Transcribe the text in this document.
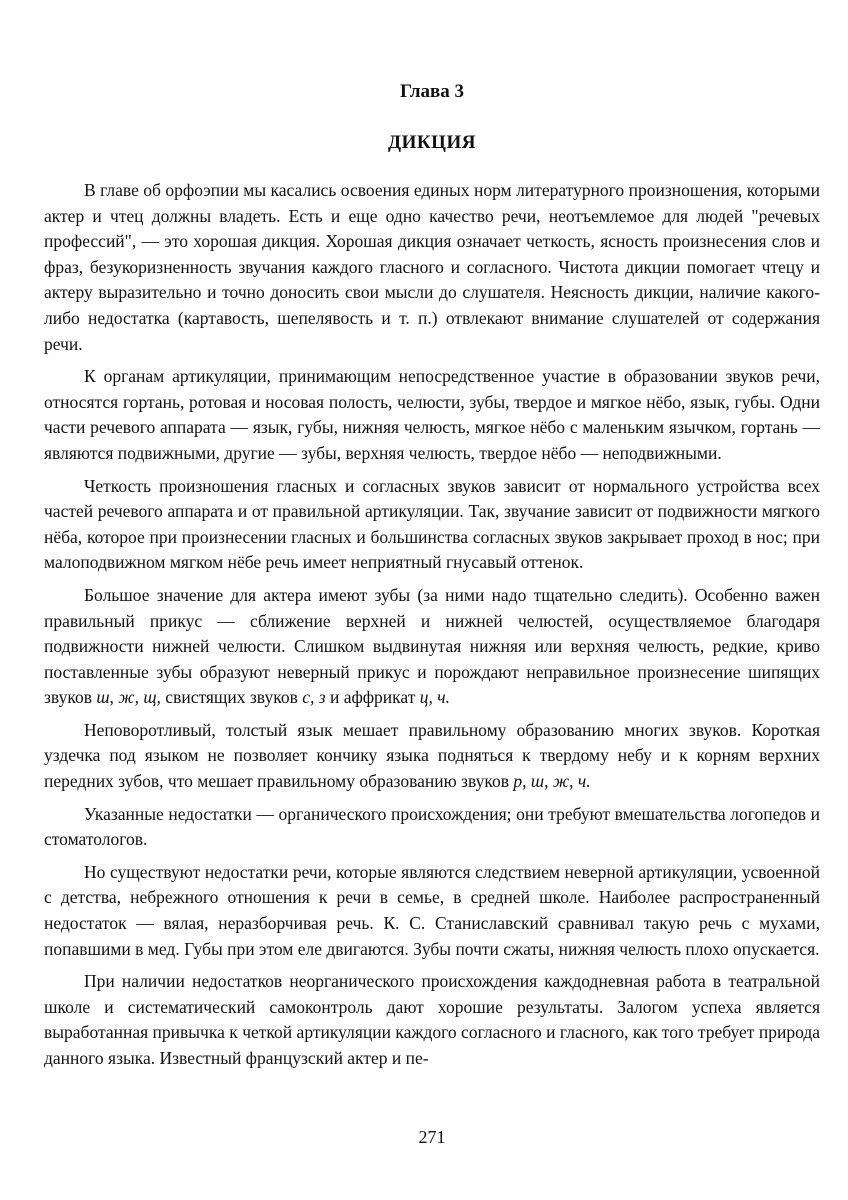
Глава 3
ДИКЦИЯ

В главе об орфоэпии мы касались освоения единых норм литературного произношения, которыми актер и чтец должны владеть. Есть и еще одно качество речи, неотъемлемое для людей "речевых профессий", — это хорошая дикция. Хорошая дикция означает четкость, ясность произнесения слов и фраз, безукоризненность звучания каждого гласного и согласного. Чистота дикции помогает чтецу и актеру выразительно и точно доносить свои мысли до слушателя. Неясность дикции, наличие какого-либо недостатка (картавость, шепелявость и т. п.) отвлекают внимание слушателей от содержания речи.

К органам артикуляции, принимающим непосредственное участие в образовании звуков речи, относятся гортань, ротовая и носовая полость, челюсти, зубы, твердое и мягкое нёбо, язык, губы. Одни части речевого аппарата — язык, губы, нижняя челюсть, мягкое нёбо с маленьким язычком, гортань — являются подвижными, другие — зубы, верхняя челюсть, твердое нёбо — неподвижными.

Четкость произношения гласных и согласных звуков зависит от нормального устройства всех частей речевого аппарата и от правильной артикуляции. Так, звучание зависит от подвижности мягкого нёба, которое при произнесении гласных и большинства согласных звуков закрывает проход в нос; при малоподвижном мягком нёбе речь имеет неприятный гнусавый оттенок.

Большое значение для актера имеют зубы (за ними надо тщательно следить). Особенно важен правильный прикус — сближение верхней и нижней челюстей, осуществляемое благодаря подвижности нижней челюсти. Слишком выдвинутая нижняя или верхняя челюсть, редкие, криво поставленные зубы образуют неверный прикус и порождают неправильное произнесение шипящих звуков ш, ж, щ, свистящих звуков с, з и аффрикат ц, ч.

Неповоротливый, толстый язык мешает правильному образованию многих звуков. Короткая уздечка под языком не позволяет кончику языка подняться к твердому небу и к корням верхних передних зубов, что мешает правильному образованию звуков р, ш, ж, ч.

Указанные недостатки — органического происхождения; они требуют вмешательства логопедов и стоматологов.

Но существуют недостатки речи, которые являются следствием неверной артикуляции, усвоенной с детства, небрежного отношения к речи в семье, в средней школе. Наиболее распространенный недостаток — вялая, неразборчивая речь. К. С. Станиславский сравнивал такую речь с мухами, попавшими в мед. Губы при этом еле двигаются. Зубы почти сжаты, нижняя челюсть плохо опускается.

При наличии недостатков неорганического происхождения каждодневная работа в театральной школе и систематический самоконтроль дают хорошие результаты. Залогом успеха является выработанная привычка к четкой артикуляции каждого согласного и гласного, как того требует природа данного языка. Известный французский актер и пе-

271
